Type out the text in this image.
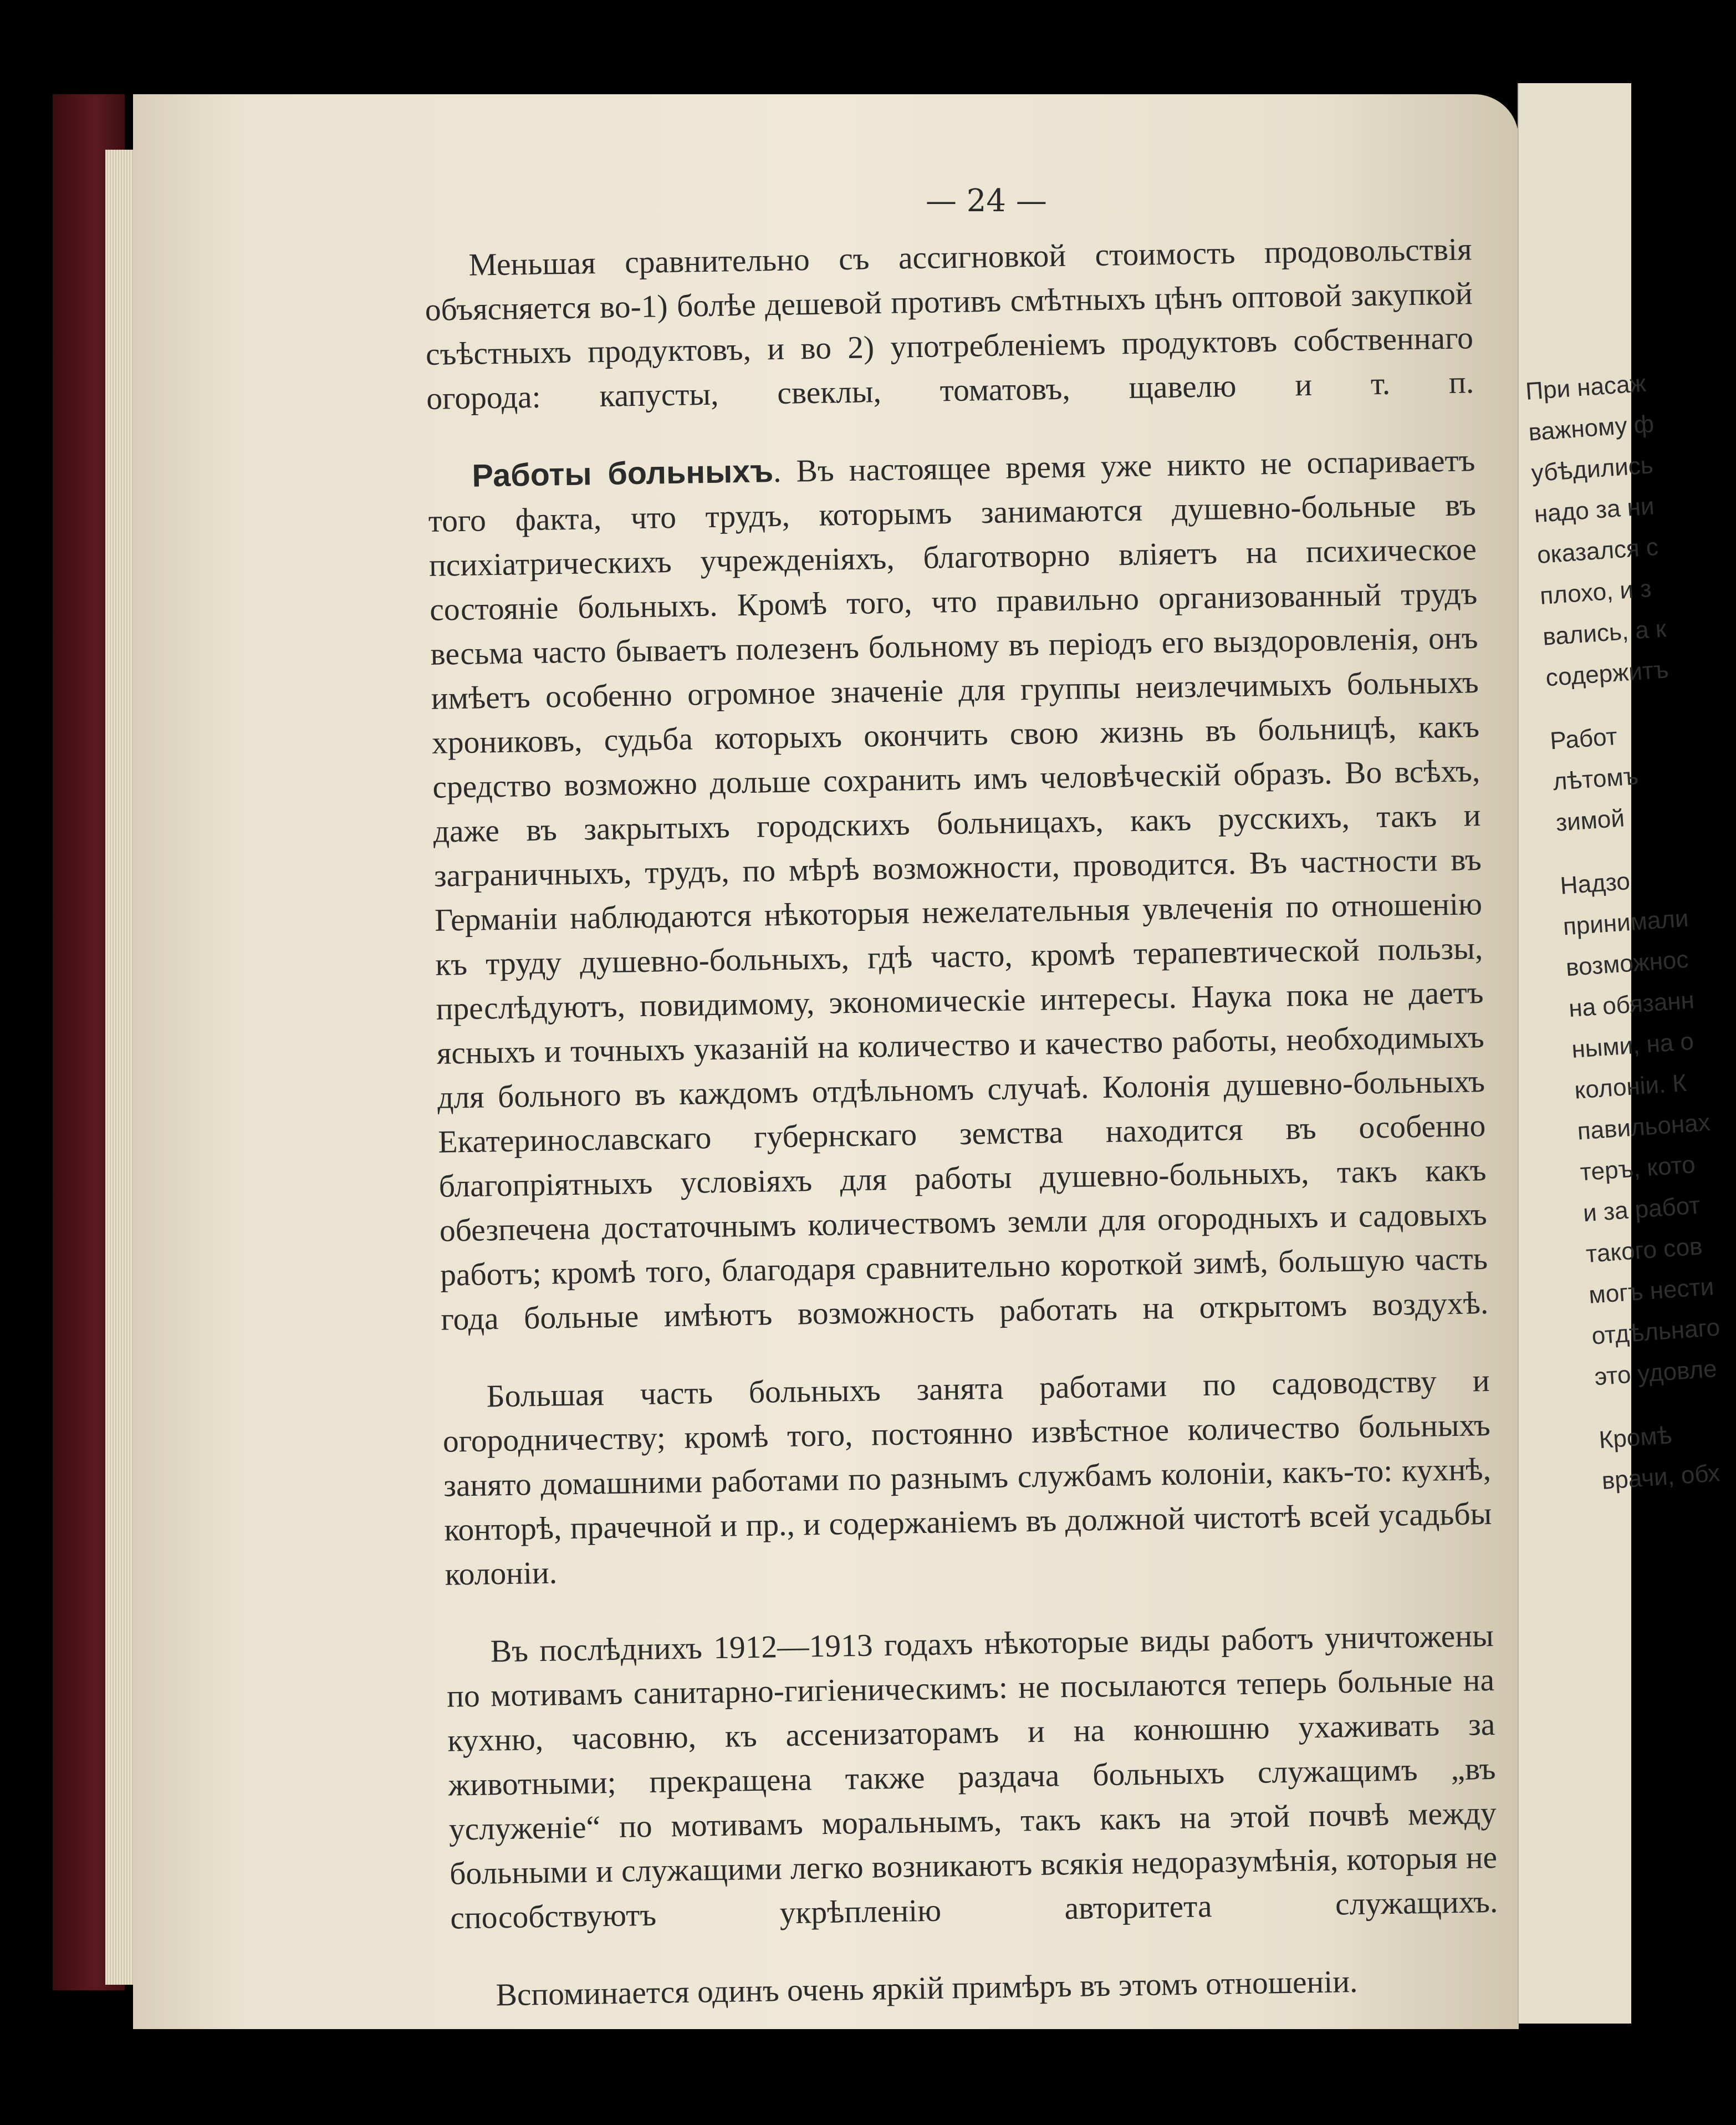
— 24 —

Меньшая сравнительно съ ассигновкой стоимость продовольствія объясняется во-1) болѣе дешевой противъ смѣтныхъ цѣнъ оптовой закупкой съѣстныхъ продуктовъ, и во 2) употребленіемъ продуктовъ собственнаго огорода: капусты, свеклы, томатовъ, щавелю и т. п.

Работы больныхъ. Въ настоящее время уже никто не оспариваетъ того факта, что трудъ, которымъ занимаются душевно-больные въ психіатрическихъ учрежденіяхъ, благотворно вліяетъ на психическое состояніе больныхъ. Кромѣ того, что правильно организованный трудъ весьма часто бываетъ полезенъ больному въ періодъ его выздоровленія, онъ имѣетъ особенно огромное значеніе для группы неизлечимыхъ больныхъ хрониковъ, судьба которыхъ окончить свою жизнь въ больницѣ, какъ средство возможно дольше сохранить имъ человѣческій образъ. Во всѣхъ, даже въ закрытыхъ городскихъ больницахъ, какъ русскихъ, такъ и заграничныхъ, трудъ, по мѣрѣ возможности, проводится. Въ частности въ Германіи наблюдаются нѣкоторыя нежелательныя увлеченія по отношенію къ труду душевно-больныхъ, гдѣ часто, кромѣ терапевтической пользы, преслѣдуютъ, повидимому, экономическіе интересы. Наука пока не даетъ ясныхъ и точныхъ указаній на количество и качество работы, необходимыхъ для больного въ каждомъ отдѣльномъ случаѣ. Колонія душевно-больныхъ Екатеринославскаго губернскаго земства находится въ особенно благопріятныхъ условіяхъ для работы душевно-больныхъ, такъ какъ обезпечена достаточнымъ количествомъ земли для огородныхъ и садовыхъ работъ; кромѣ того, благодаря сравнительно короткой зимѣ, большую часть года больные имѣютъ возможность работать на открытомъ воздухѣ.

Большая часть больныхъ занята работами по садоводству и огородничеству; кромѣ того, постоянно извѣстное количество больныхъ занято домашними работами по разнымъ службамъ колоніи, какъ-то: кухнѣ, конторѣ, прачечной и пр., и содержаніемъ въ должной чистотѣ всей усадьбы колоніи.

Въ послѣднихъ 1912—1913 годахъ нѣкоторые виды работъ уничтожены по мотивамъ санитарно-гигіеническимъ: не посылаются теперь больные на кухню, часовню, къ ассенизаторамъ и на конюшню ухаживать за животными; прекращена также раздача больныхъ служащимъ „въ услуженіе“ по мотивамъ моральнымъ, такъ какъ на этой почвѣ между больными и служащими легко возникаютъ всякія недоразумѣнія, которыя не способствуютъ укрѣпленію авторитета служащихъ.

Вспоминается одинъ очень яркій примѣръ въ этомъ отношеніи.

При насаж
важному ф
убѣдились
надо за ни
оказался с
плохо, и з
вались, а к
содержитъ
Работ
лѣтомъ
зимой
Надзо
принимали
возможнос
на обязанн
ными, на о
колоніи. К
павильонах
теръ, кото
и за работ
такого сов
могъ нести
отдѣльнаго
это удовле
Кромѣ
врачи, обх
